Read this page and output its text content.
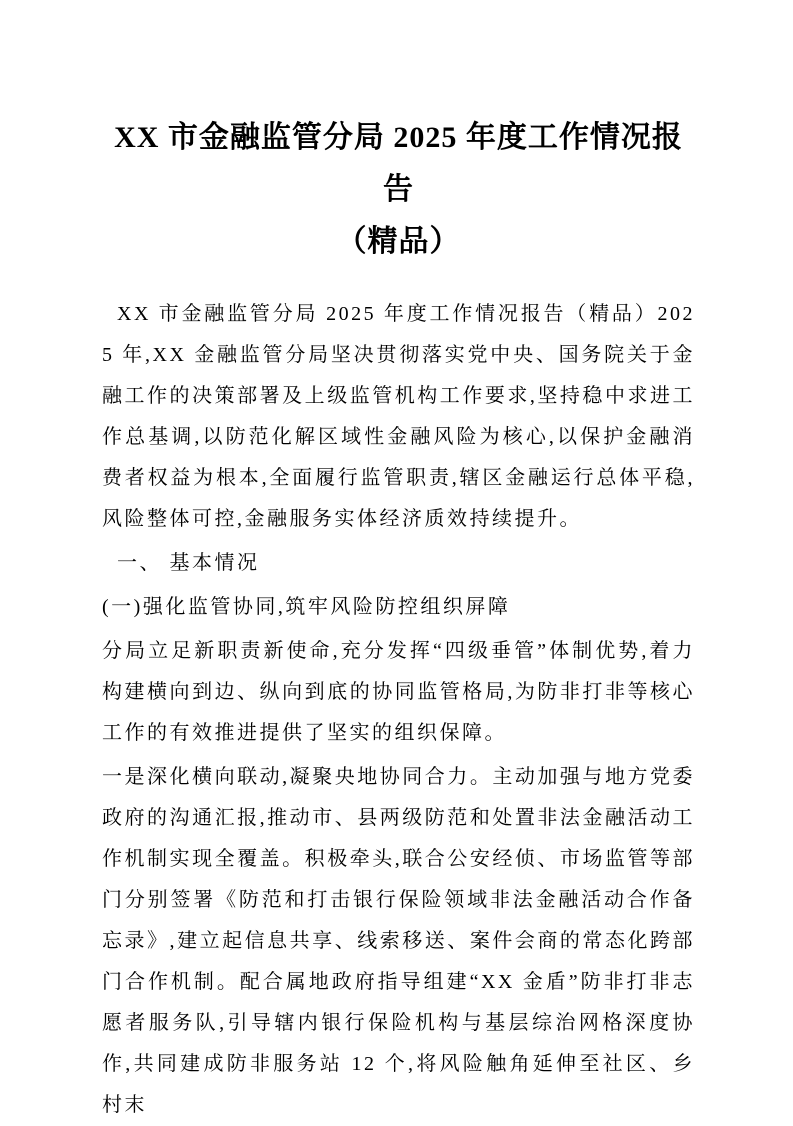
XX 市金融监管分局 2025 年度工作情况报告
（精品）

XX 市金融监管分局 2025 年度工作情况报告（精品）2025 年,XX 金融监管分局坚决贯彻落实党中央、国务院关于金融工作的决策部署及上级监管机构工作要求,坚持稳中求进工作总基调,以防范化解区域性金融风险为核心,以保护金融消费者权益为根本,全面履行监管职责,辖区金融运行总体平稳,风险整体可控,金融服务实体经济质效持续提升。

一、 基本情况

(一)强化监管协同,筑牢风险防控组织屏障

分局立足新职责新使命,充分发挥“四级垂管”体制优势,着力构建横向到边、纵向到底的协同监管格局,为防非打非等核心工作的有效推进提供了坚实的组织保障。

一是深化横向联动,凝聚央地协同合力。主动加强与地方党委政府的沟通汇报,推动市、县两级防范和处置非法金融活动工作机制实现全覆盖。积极牵头,联合公安经侦、市场监管等部门分别签署《防范和打击银行保险领域非法金融活动合作备忘录》,建立起信息共享、线索移送、案件会商的常态化跨部门合作机制。配合属地政府指导组建“XX 金盾”防非打非志愿者服务队,引导辖内银行保险机构与基层综治网格深度协作,共同建成防非服务站 12 个,将风险触角延伸至社区、乡村末
